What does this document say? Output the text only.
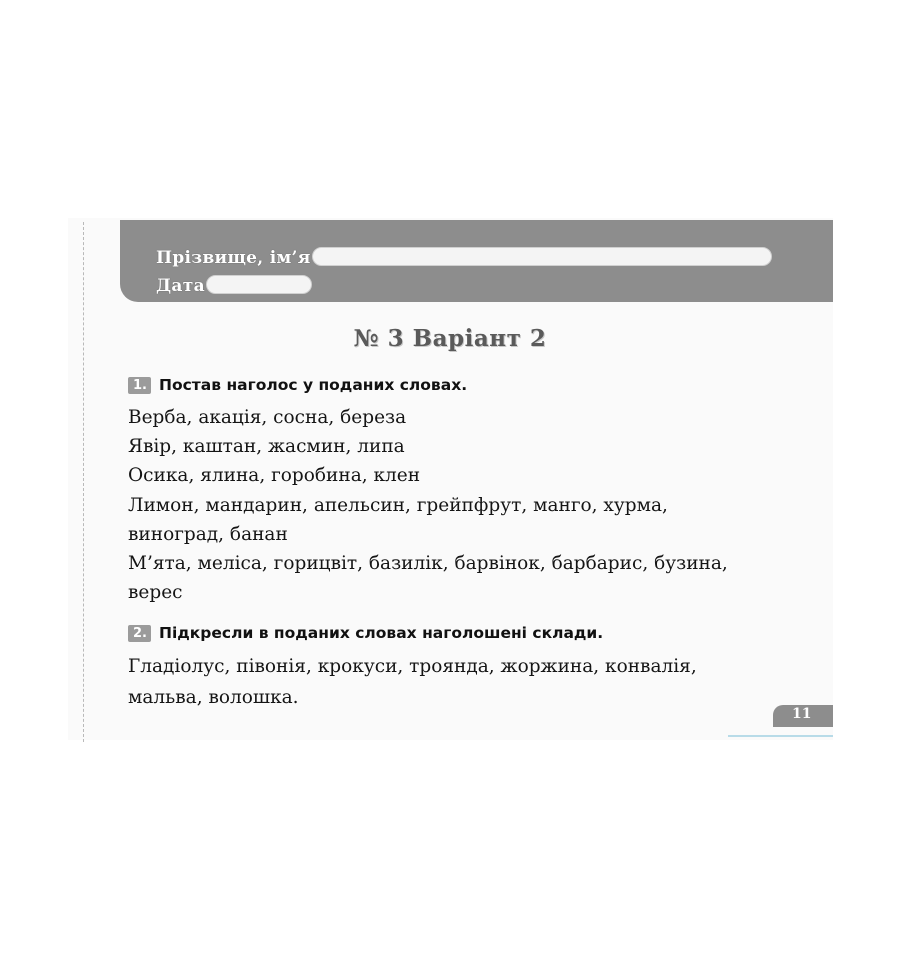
Прізвище, ім’я
Дата
№ 3 Варіант 2
1. Постав наголос у поданих словах.
Верба, акація, сосна, береза
Явір, каштан, жасмин, липа
Осика, ялина, горобина, клен
Лимон, мандарин, апельсин, грейпфрут, манго, хурма,
виноград, банан
М’ята, меліса, горицвіт, базилік, барвінок, барбарис, бузина,
верес
2. Підкресли в поданих словах наголошені склади.
Гладіолус, півонія, крокуси, троянда, жоржина, конвалія,
мальва, волошка.
11
